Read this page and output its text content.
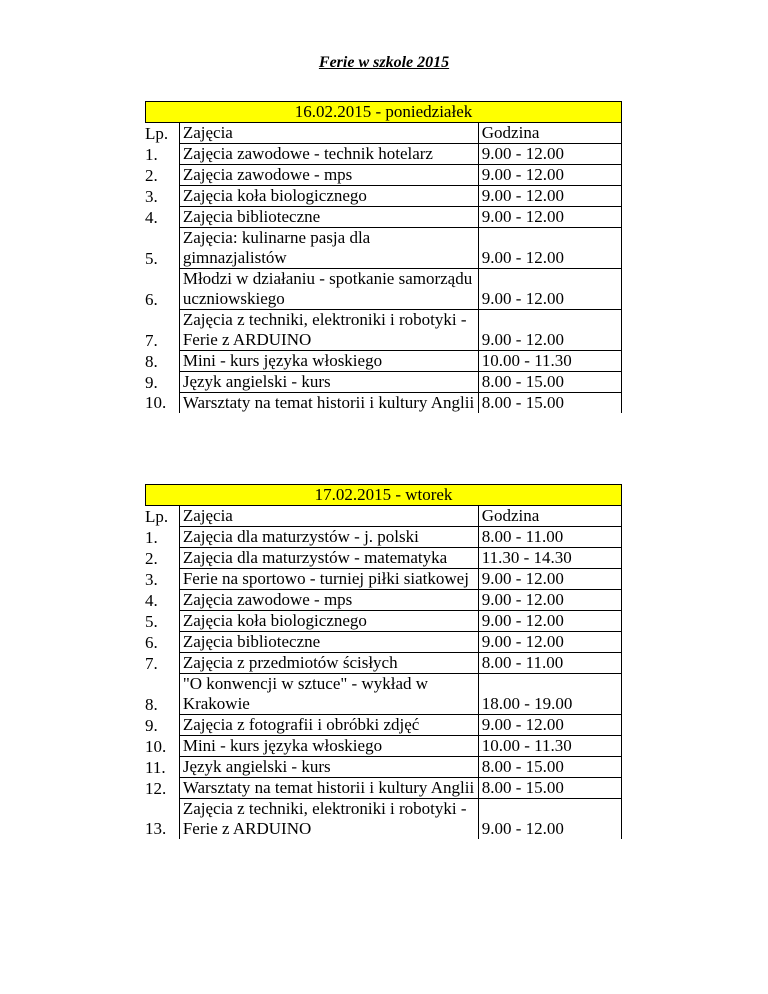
Ferie w szkole 2015
16.02.2015 - poniedziałek
Lp.	Zajęcia	Godzina
1.	Zajęcia zawodowe - technik hotelarz	9.00 - 12.00
2.	Zajęcia zawodowe - mps	9.00 - 12.00
3.	Zajęcia koła biologicznego	9.00 - 12.00
4.	Zajęcia biblioteczne	9.00 - 12.00
5.	Zajęcia: kulinarne pasja dla gimnazjalistów	9.00 - 12.00
6.	Młodzi w działaniu - spotkanie samorządu uczniowskiego	9.00 - 12.00
7.	Zajęcia z techniki, elektroniki i robotyki - Ferie z ARDUINO	9.00 - 12.00
8.	Mini - kurs języka włoskiego	10.00 - 11.30
9.	Język angielski - kurs	8.00 - 15.00
10.	Warsztaty na temat historii i kultury Anglii	8.00 - 15.00
17.02.2015 - wtorek
Lp.	Zajęcia	Godzina
1.	Zajęcia dla maturzystów - j. polski	8.00 - 11.00
2.	Zajęcia dla maturzystów - matematyka	11.30 - 14.30
3.	Ferie na sportowo - turniej piłki siatkowej	9.00 - 12.00
4.	Zajęcia zawodowe - mps	9.00 - 12.00
5.	Zajęcia koła biologicznego	9.00 - 12.00
6.	Zajęcia biblioteczne	9.00 - 12.00
7.	Zajęcia z przedmiotów ścisłych	8.00 - 11.00
8.	"O konwencji w sztuce" - wykład w Krakowie	18.00 - 19.00
9.	Zajęcia z fotografii i obróbki zdjęć	9.00 - 12.00
10.	Mini - kurs języka włoskiego	10.00 - 11.30
11.	Język angielski - kurs	8.00 - 15.00
12.	Warsztaty na temat historii i kultury Anglii	8.00 - 15.00
13.	Zajęcia z techniki, elektroniki i robotyki - Ferie z ARDUINO	9.00 - 12.00
